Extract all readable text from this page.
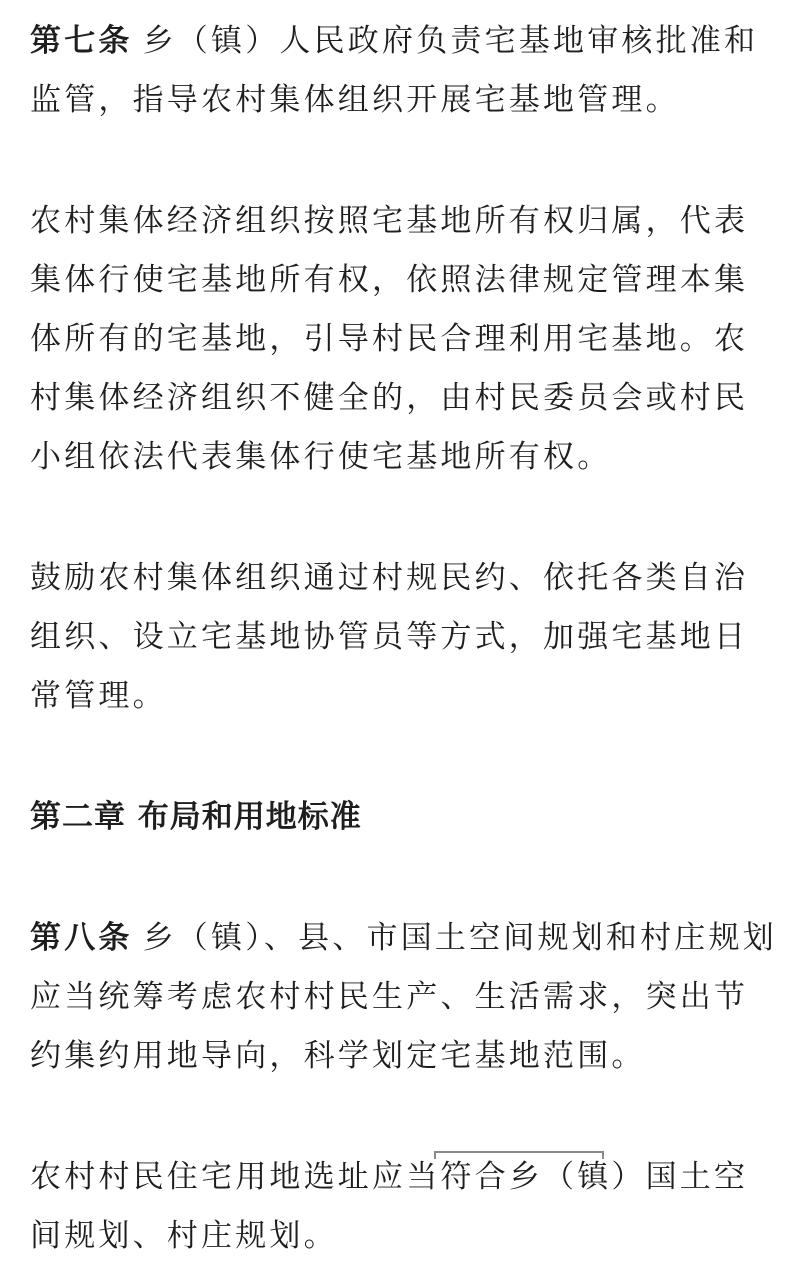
第七条 乡（镇）人民政府负责宅基地审核批准和监管，指导农村集体组织开展宅基地管理。

农村集体经济组织按照宅基地所有权归属，代表集体行使宅基地所有权，依照法律规定管理本集体所有的宅基地，引导村民合理利用宅基地。农村集体经济组织不健全的，由村民委员会或村民小组依法代表集体行使宅基地所有权。

鼓励农村集体组织通过村规民约、依托各类自治组织、设立宅基地协管员等方式，加强宅基地日常管理。

第二章 布局和用地标准

第八条 乡（镇）、县、市国土空间规划和村庄规划应当统筹考虑农村村民生产、生活需求，突出节约集约用地导向，科学划定宅基地范围。

农村村民住宅用地选址应当符合乡（镇）国土空间规划、村庄规划。
